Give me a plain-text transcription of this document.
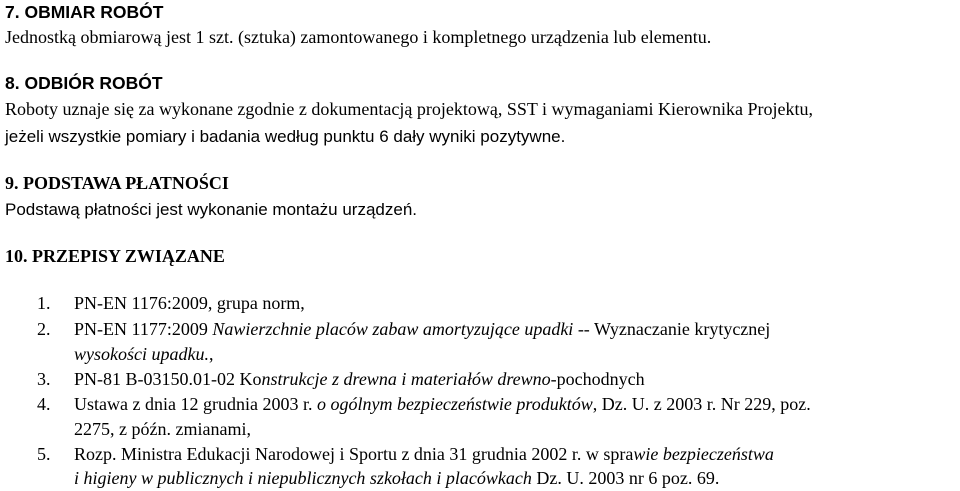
7. OBMIAR ROBÓT
Jednostką obmiarową jest 1 szt. (sztuka) zamontowanego i kompletnego urządzenia lub elementu.
8. ODBIÓR ROBÓT
Roboty uznaje się za wykonane zgodnie z dokumentacją projektową, SST i wymaganiami Kierownika Projektu,
jeżeli wszystkie pomiary i badania według punktu 6 dały wyniki pozytywne.
9. PODSTAWA PŁATNOŚCI
Podstawą płatności jest wykonanie montażu urządzeń.
10. PRZEPISY ZWIĄZANE
1. PN-EN 1176:2009, grupa norm,
2. PN-EN 1177:2009 Nawierzchnie placów zabaw amortyzujące upadki -- Wyznaczanie krytycznej
wysokości upadku.,
3. PN-81 B-03150.01-02 Konstrukcje z drewna i materiałów drewno-pochodnych
4. Ustawa z dnia 12 grudnia 2003 r. o ogólnym bezpieczeństwie produktów, Dz. U. z 2003 r. Nr 229, poz.
2275, z późn. zmianami,
5. Rozp. Ministra Edukacji Narodowej i Sportu z dnia 31 grudnia 2002 r. w sprawie bezpieczeństwa
i higieny w publicznych i niepublicznych szkołach i placówkach Dz. U. 2003 nr 6 poz. 69.
